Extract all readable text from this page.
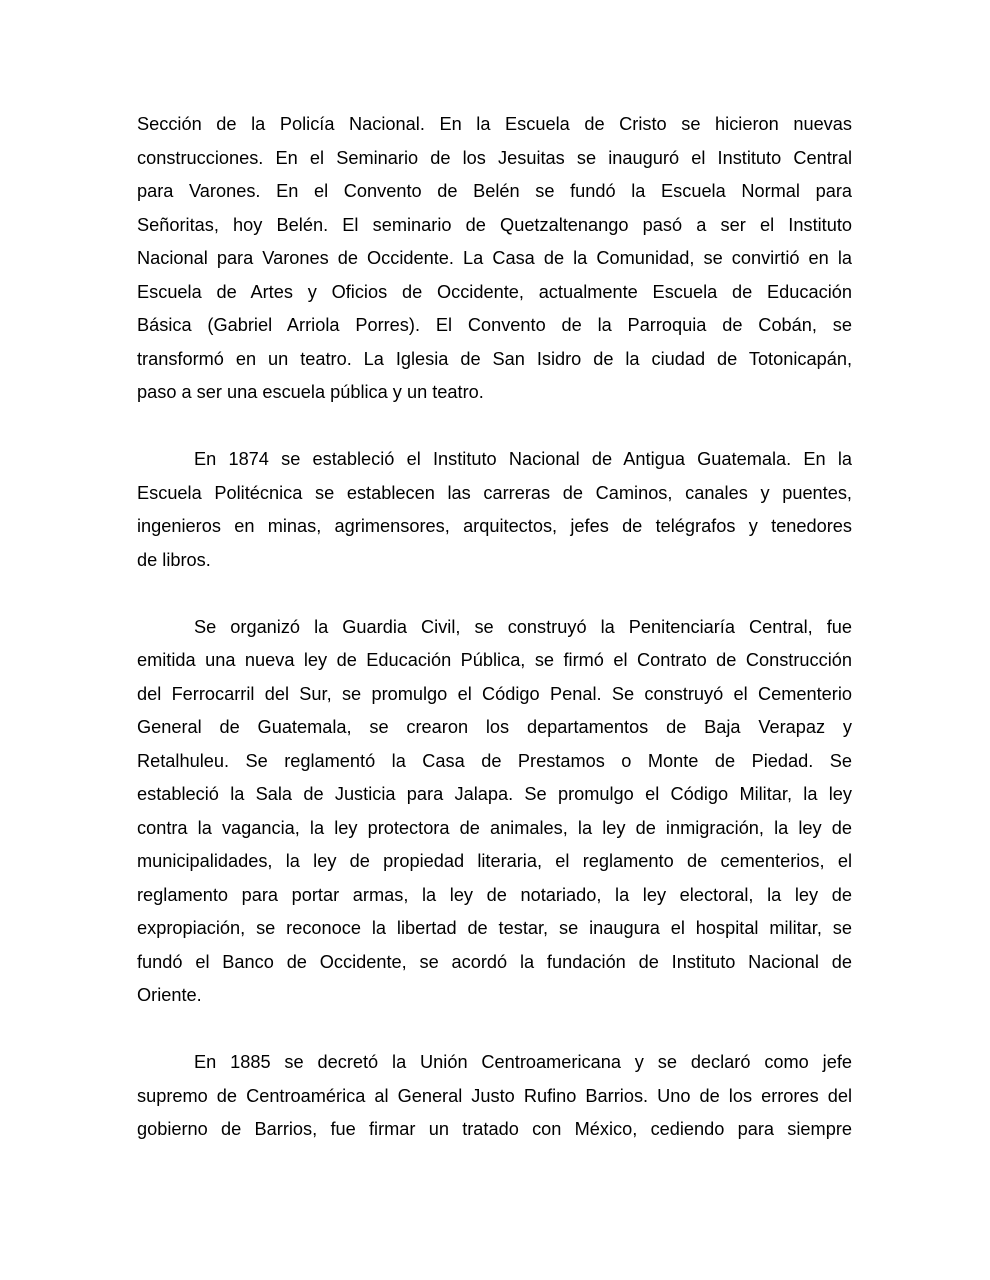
Sección de la Policía Nacional. En la Escuela de Cristo se hicieron nuevas
construcciones. En el Seminario de los Jesuitas se inauguró el Instituto Central
para Varones. En el Convento de Belén se fundó la Escuela Normal para
Señoritas, hoy Belén. El seminario de Quetzaltenango pasó a ser el Instituto
Nacional para Varones de Occidente. La Casa de la Comunidad, se convirtió en la
Escuela de Artes y Oficios de Occidente, actualmente Escuela de Educación
Básica (Gabriel Arriola Porres). El Convento de la Parroquia de Cobán, se
transformó en un teatro. La Iglesia de San Isidro de la ciudad de Totonicapán,
paso a ser una escuela pública y un teatro.
En 1874 se estableció el Instituto Nacional de Antigua Guatemala. En la
Escuela Politécnica se establecen las carreras de Caminos, canales y puentes,
ingenieros en minas, agrimensores, arquitectos, jefes de telégrafos y tenedores
de libros.
Se organizó la Guardia Civil, se construyó la Penitenciaría Central, fue
emitida una nueva ley de Educación Pública, se firmó el Contrato de Construcción
del Ferrocarril del Sur, se promulgo el Código Penal. Se construyó el Cementerio
General de Guatemala, se crearon los departamentos de Baja Verapaz y
Retalhuleu. Se reglamentó la Casa de Prestamos o Monte de Piedad. Se
estableció la Sala de Justicia para Jalapa. Se promulgo el Código Militar, la ley
contra la vagancia, la ley protectora de animales, la ley de inmigración, la ley de
municipalidades, la ley de propiedad literaria, el reglamento de cementerios, el
reglamento para portar armas, la ley de notariado, la ley electoral, la ley de
expropiación, se reconoce la libertad de testar, se inaugura el hospital militar, se
fundó el Banco de Occidente, se acordó la fundación de Instituto Nacional de
Oriente.
En 1885 se decretó la Unión Centroamericana y se declaró como jefe
supremo de Centroamérica al General Justo Rufino Barrios. Uno de los errores del
gobierno de Barrios, fue firmar un tratado con México, cediendo para siempre
